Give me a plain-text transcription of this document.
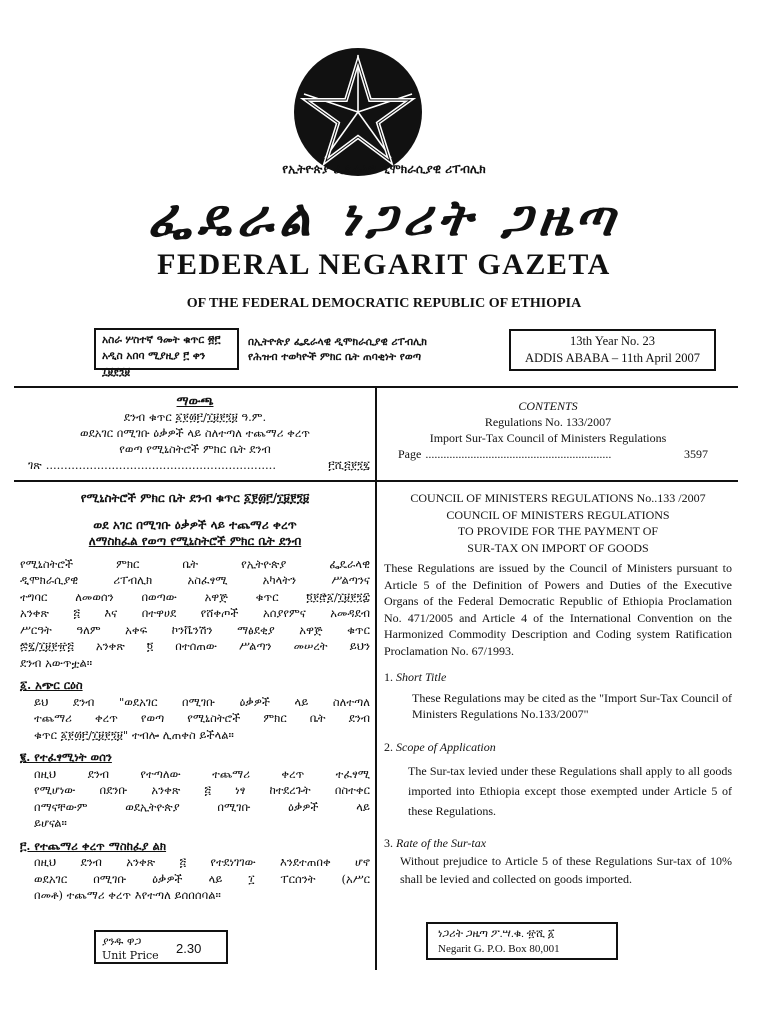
የኢትዮጵያ ፌዴራላዊ ዲሞክራሲያዊ ሪፐብሊክ
ፌዴራል ነጋሪት ጋዜጣ
FEDERAL NEGARIT GAZETA
OF THE FEDERAL DEMOCRATIC REPUBLIC OF ETHIOPIA
አስራ ሦስተኛ ዓመት ቁጥር ፳፫
አዲስ አበባ ሚያዚያ ፫ ቀን ፲፱፻፺፱
በኢትዮጵያ ፌዴራላዊ ዲሞክራሲያዊ ሪፐብሊክ
የሕዝብ ተወካዮች ምክር ቤት ጠባቂነት የወጣ
13th Year No. 23
ADDIS ABABA – 11th April 2007
ማውጫ
ደንብ ቁጥር ፩፻፴፫/፲፱፻፺፱ ዓ.ም.
ወደአገር በሚገቡ ዕቃዎች ላይ ስለተጣለ ተጨማሪ ቀረጥ
የወጣ የሚኒስትሮች ምክር ቤት ደንብ
ገጽ ...............................................................	፫ሺ፭፻፺፯
CONTENTS
Regulations No. 133/2007
Import Sur-Tax Council of Ministers Regulations
Page ..............................................................	3597
የሚኒስትሮች ምክር ቤት ደንብ ቁጥር ፩፻፴፫/፲፱፻፺፱
ወደ አገር በሚገቡ ዕቃዎች ላይ ተጨማሪ ቀረጥ
ለማስከፈል የወጣ የሚኒስትሮች ምክር ቤት ደንብ

የሚኒስትሮች ምክር ቤት የኢትዮጵያ ፌዴራላዊ

ዲሞክራሲያዊ ሪፐብሊክ አስፈፃሚ አካላትን ሥልጣንና

ተግባር ለመወሰን በወጣው አዋጅ ቁጥር ፬፻፸፩/፲፱፻፺፰

አንቀጽ ፭ እና በተዋሀደ የሸቀጦች አሰያየምና አመዳደብ

ሥርዓት ዓለም አቀፍ ኮንቬንሽን ማፅደቂያ አዋጅ ቁጥር

፷፯/፲፱፻፹፭ አንቀጽ ፬ በተሰጠው ሥልጣን መሠረት ይህን

ደንብ አውጥቷል።

፩. አጭር ርዕስ

ይህ ደንብ "ወደአገር በሚገቡ ዕቃዎች ላይ ስለተጣለ

ተጨማሪ ቀረጥ የወጣ የሚኒስትሮች ምክር ቤት ደንብ

ቁጥር ፩፻፴፫/፲፱፻፺፱" ተብሎ ሊጠቀስ ይችላል።

፪. የተፈፃሚነት ወሰን

በዚህ ደንብ የተጣለው ተጨማሪ ቀረጥ ተፈፃሚ

የሚሆነው በደንቡ አንቀጽ ፭ ነፃ ከተደረጉት በስተቀር

በማናቸውም ወደኢትዮጵያ በሚገቡ ዕቃዎች ላይ

ይሆናል።

፫. የተጨማሪ ቀረጥ ማስከፈያ ልክ

በዚህ ደንብ አንቀጽ ፭ የተደነገገው እንደተጠበቀ ሆኖ

ወደአገር በሚገቡ ዕቃዎች ላይ ፲ ፐርሰንት (አሥር

በመቶ) ተጨማሪ ቀረጥ እየተጣለ ይሰበሰባል።

COUNCIL OF MINISTERS REGULATIONS No..133 /2007
COUNCIL OF MINISTERS REGULATIONS
TO PROVIDE FOR THE PAYMENT OF
SUR-TAX ON IMPORT OF GOODS

These Regulations are issued by the Council of Ministers pursuant to Article 5 of the Definition of Powers and Duties of the Executive Organs of the Federal Democratic Republic of Ethiopia Proclamation No. 471/2005 and Article 4 of the International Convention on the Harmonized Commodity Description and Coding system Ratification Proclamation No. 67/1993.

1. Short Title

These Regulations may be cited as the "Import Sur-Tax Council of Ministers Regulations No.133/2007"

2. Scope of Application

The Sur-tax levied under these Regulations shall apply to all goods imported into Ethiopia except those exempted under Article 5 of these Regulations.

3. Rate of the Sur-tax

Without prejudice to Article 5 of these Regulations Sur-tax of 10% shall be levied and collected on goods imported.

ያንዱ ዋጋ
Unit Price	2.30
ነጋሪት ጋዜጣ ፖ.ሣ.ቁ. ፹ሺ ፩
Negarit G. P.O. Box 80,001
